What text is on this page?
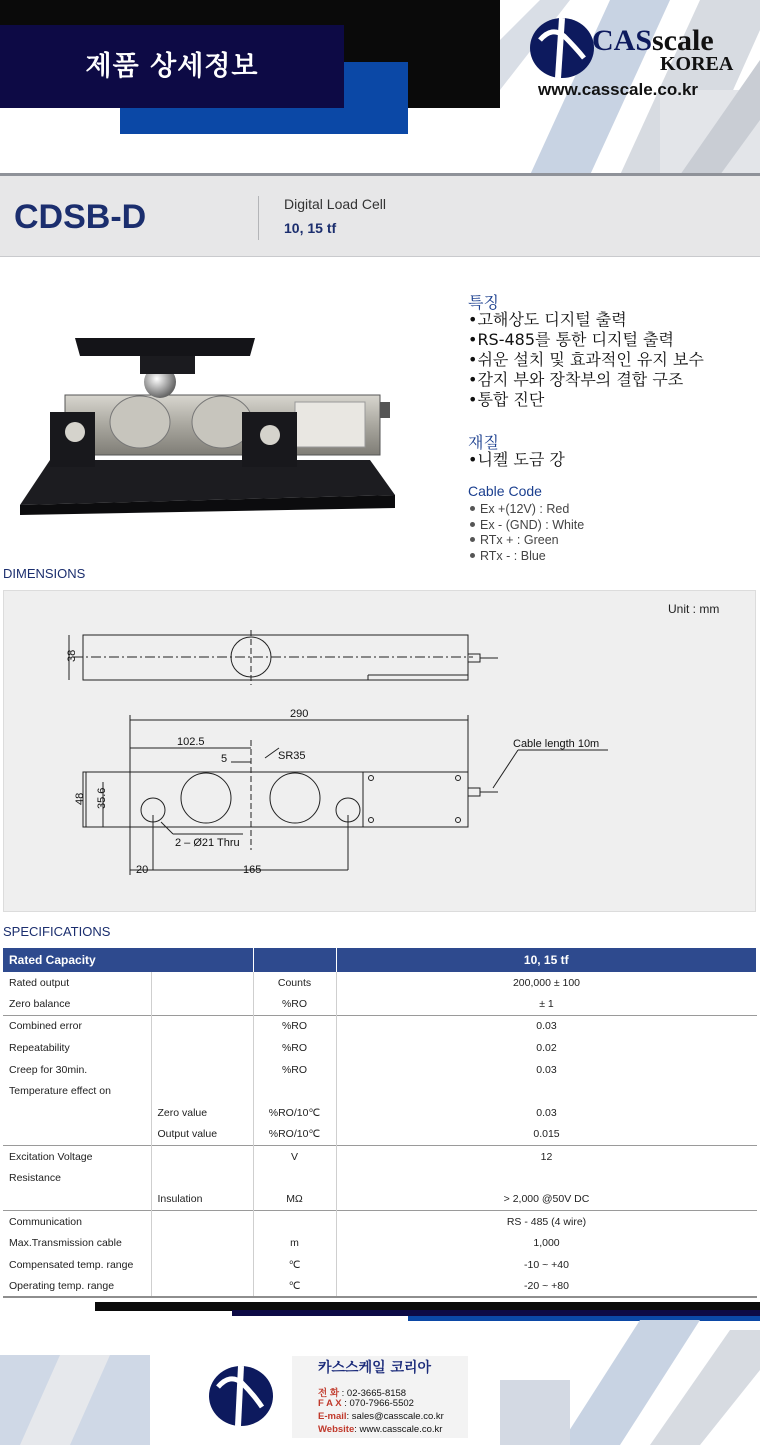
제품 상세정보
CAS scale
KOREA
www.casscale.co.kr
CDSB-D	Digital Load Cell
10, 15 tf
특징
•고해상도 디지털 출력
•RS-485를 통한 디지털 출력
•쉬운 설치 및 효과적인 유지 보수
•감지 부와 장착부의 결합 구조
•통합 진단
재질
•니켈 도금 강
Cable Code
Ex +(12V) : Red
Ex - (GND) : White
RTx + : Green
RTx - : Blue
DIMENSIONS
Unit : mm
38
290
102.5
5	SR35
Cable length 10m
48 35.6
2 – Ø21 Thru
20	165
SPECIFICATIONS
Rated Capacity			10, 15 tf
Rated output		Counts	200,000 ± 100
Zero balance		%RO	± 1
Combined error		%RO	0.03
Repeatability		%RO	0.02
Creep for 30min.		%RO	0.03
Temperature effect on			
	Zero value	%RO/10℃	0.03
	Output value	%RO/10℃	0.015
Excitation Voltage		V	12
Resistance			
	Insulation	MΩ	> 2,000 @50V DC
Communication			RS - 485 (4 wire)
Max.Transmission cable		m	1,000
Compensated temp. range		℃	-10 ~ +40
Operating temp. range		℃	-20 ~ +80
카스스케일 코리아
전 화 : 02-3665-8158
F A X : 070-7966-5502
E-mail: sales@casscale.co.kr
Website: www.casscale.co.kr
